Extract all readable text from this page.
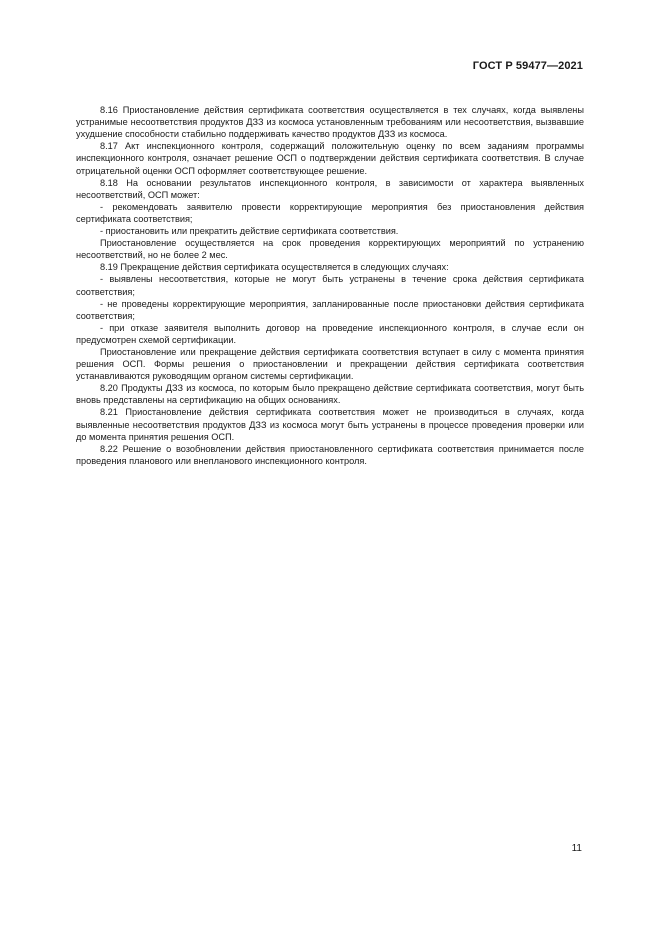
ГОСТ Р 59477—2021

8.16 Приостановление действия сертификата соответствия осуществляется в тех случаях, когда выявлены устранимые несоответствия продуктов ДЗЗ из космоса установленным требованиям или несоответствия, вызвавшие ухудшение способности стабильно поддерживать качество продуктов ДЗЗ из космоса.

8.17 Акт инспекционного контроля, содержащий положительную оценку по всем заданиям программы инспекционного контроля, означает решение ОСП о подтверждении действия сертификата соответствия. В случае отрицательной оценки ОСП оформляет соответствующее решение.

8.18 На основании результатов инспекционного контроля, в зависимости от характера выявленных несоответствий, ОСП может:

- рекомендовать заявителю провести корректирующие мероприятия без приостановления действия сертификата соответствия;

- приостановить или прекратить действие сертификата соответствия.

Приостановление осуществляется на срок проведения корректирующих мероприятий по устранению несоответствий, но не более 2 мес.

8.19 Прекращение действия сертификата осуществляется в следующих случаях:

- выявлены несоответствия, которые не могут быть устранены в течение срока действия сертификата соответствия;

- не проведены корректирующие мероприятия, запланированные после приостановки действия сертификата соответствия;

- при отказе заявителя выполнить договор на проведение инспекционного контроля, в случае если он предусмотрен схемой сертификации.

Приостановление или прекращение действия сертификата соответствия вступает в силу с момента принятия решения ОСП. Формы решения о приостановлении и прекращении действия сертификата соответствия устанавливаются руководящим органом системы сертификации.

8.20 Продукты ДЗЗ из космоса, по которым было прекращено действие сертификата соответствия, могут быть вновь представлены на сертификацию на общих основаниях.

8.21 Приостановление действия сертификата соответствия может не производиться в случаях, когда выявленные несоответствия продуктов ДЗЗ из космоса могут быть устранены в процессе проведения проверки или до момента принятия решения ОСП.

8.22 Решение о возобновлении действия приостановленного сертификата соответствия принимается после проведения планового или внепланового инспекционного контроля.

11
